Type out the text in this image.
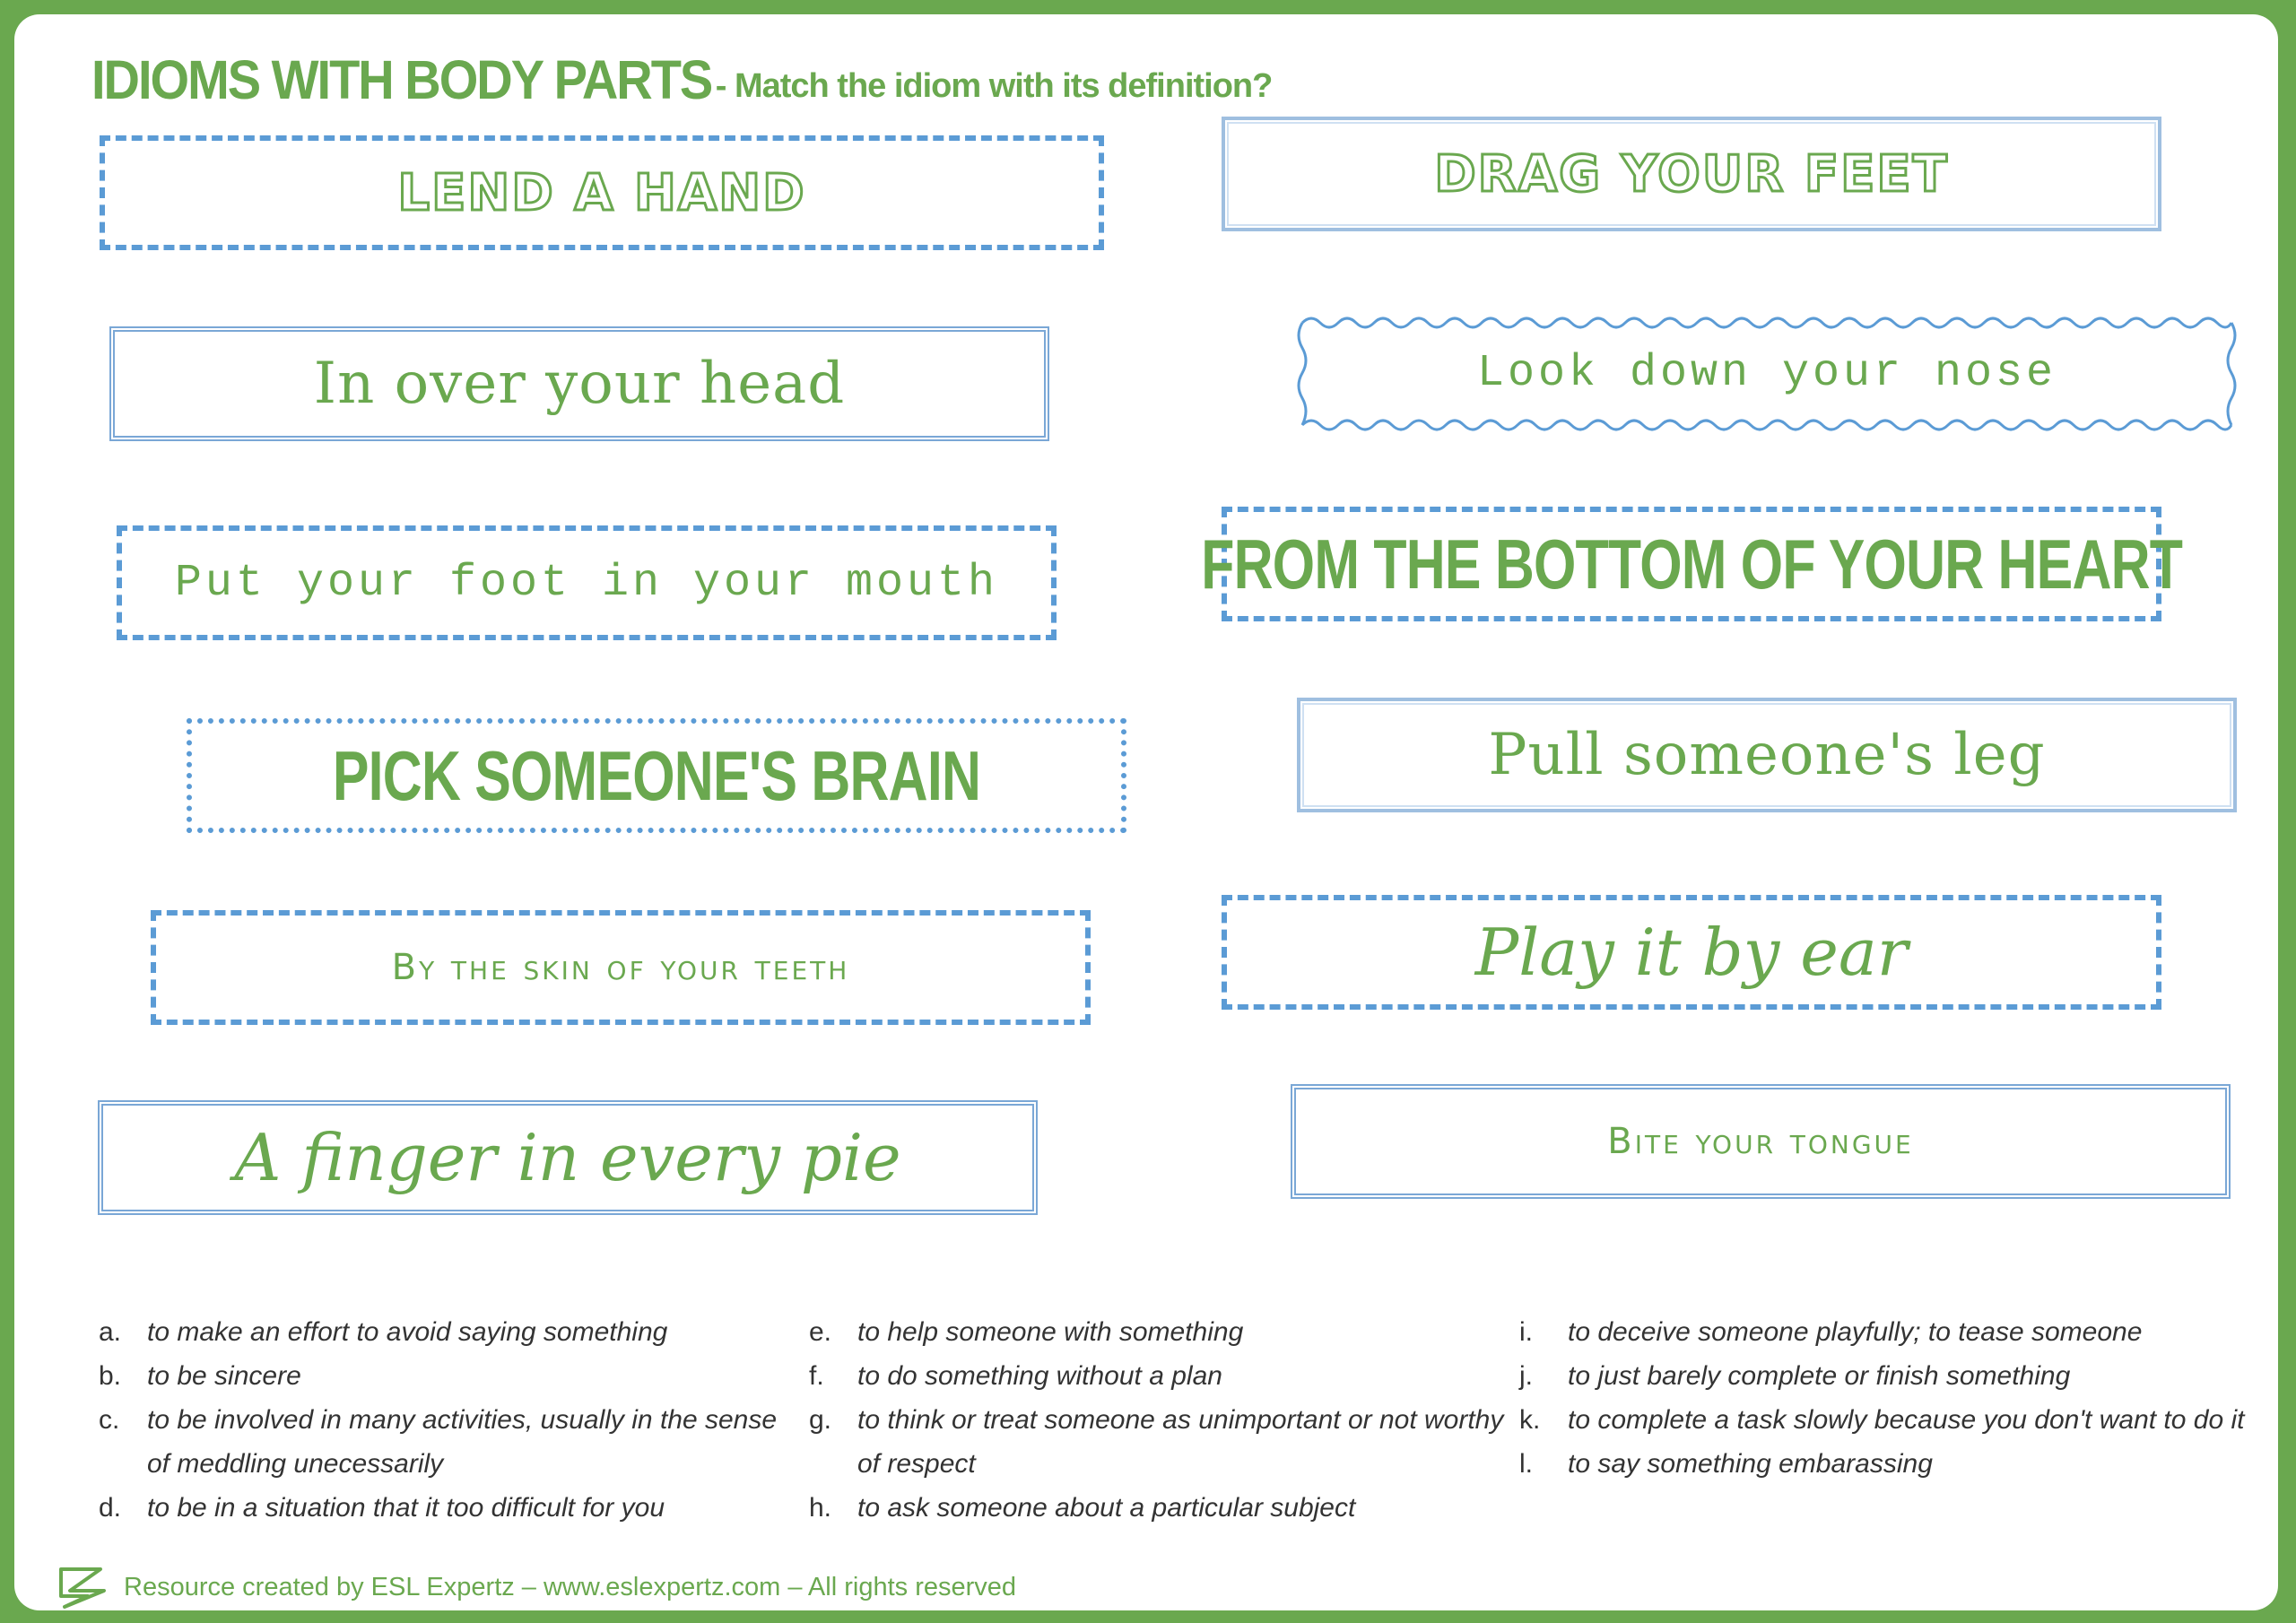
IDIOMS WITH BODY PARTS - Match the idiom with its definition?
LEND A HAND
In over your head
Put your foot in your mouth
PICK SOMEONE'S BRAIN
By the skin of your teeth
A finger in every pie
DRAG YOUR FEET
Look down your nose
FROM THE BOTTOM OF YOUR HEART
Pull someone's leg
Play it by ear
Bite your tongue
a. to make an effort to avoid saying something
b. to be sincere
c.	to be involved in many activities, usually in the sense of meddling unecessarily
d. to be in a situation that it too difficult for you
e. to help someone with something
f.	to do something without a plan
g. to think or treat someone as unimportant or not worthy of respect
h. to ask someone about a particular subject
i.	to deceive someone playfully; to tease someone
j.	to just barely complete or finish something
k.	to complete a task slowly because you don't want to do it
l.	to say something embarassing
Resource created by ESL Expertz – www.eslexpertz.com – All rights reserved
